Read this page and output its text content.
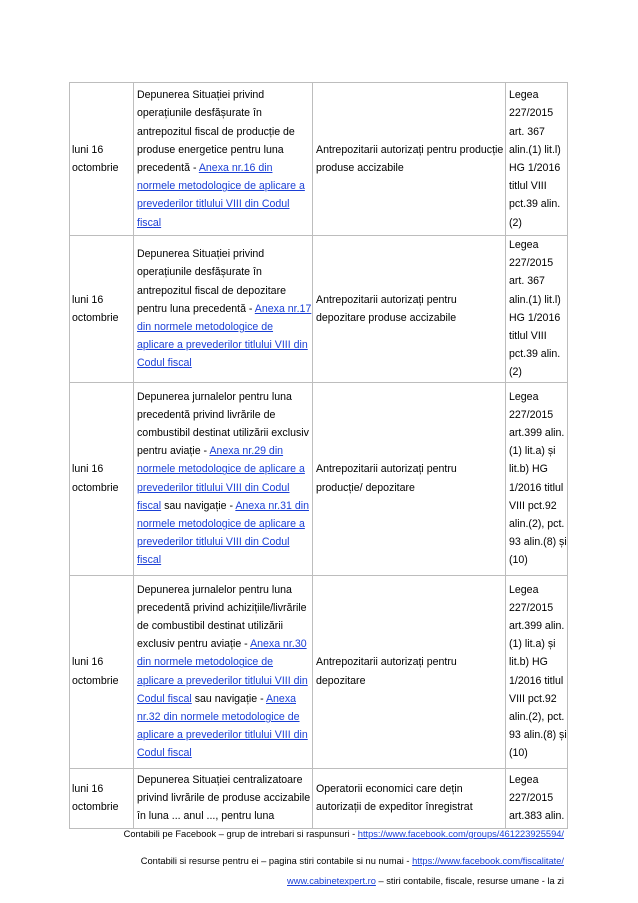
luni 16 octombrie	Depunerea Situației privind operațiunile desfășurate în antrepozitul fiscal de producție de produse energetice pentru luna precedentă - Anexa nr.16 din normele metodologice de aplicare a prevederilor titlului VIII din Codul fiscal	Antrepozitarii autorizați pentru producție produse accizabile	Legea 227/2015 art. 367 alin.(1) lit.l) HG 1/2016 titlul VIII pct.39 alin.(2)
luni 16 octombrie	Depunerea Situației privind operațiunile desfășurate în antrepozitul fiscal de depozitare pentru luna precedentă - Anexa nr.17 din normele metodologice de aplicare a prevederilor titlului VIII din Codul fiscal	Antrepozitarii autorizați pentru depozitare produse accizabile	Legea 227/2015 art. 367 alin.(1) lit.l) HG 1/2016 titlul VIII pct.39 alin.(2)
luni 16 octombrie	Depunerea jurnalelor pentru luna precedentă privind livrările de combustibil destinat utilizării exclusiv pentru aviație - Anexa nr.29 din normele metodologice de aplicare a prevederilor titlului VIII din Codul fiscal sau navigație - Anexa nr.31 din normele metodologice de aplicare a prevederilor titlului VIII din Codul fiscal	Antrepozitarii autorizați pentru producție/ depozitare	Legea 227/2015 art.399 alin. (1) lit.a) și lit.b) HG 1/2016 titlul VIII pct.92 alin.(2), pct. 93 alin.(8) și (10)
luni 16 octombrie	Depunerea jurnalelor pentru luna precedentă privind achizițiile/livrările de combustibil destinat utilizării exclusiv pentru aviație - Anexa nr.30 din normele metodologice de aplicare a prevederilor titlului VIII din Codul fiscal sau navigație - Anexa nr.32 din normele metodologice de aplicare a prevederilor titlului VIII din Codul fiscal	Antrepozitarii autorizați pentru depozitare	Legea 227/2015 art.399 alin. (1) lit.a) și lit.b) HG 1/2016 titlul VIII pct.92 alin.(2), pct. 93 alin.(8) și (10)
luni 16 octombrie	Depunerea Situației centralizatoare privind livrările de produse accizabile în luna ... anul ..., pentru luna	Operatorii economici care dețin autorizații de expeditor înregistrat	Legea 227/2015 art.383 alin.
Contabili pe Facebook – grup de intrebari si raspunsuri - https://www.facebook.com/groups/461223925594/
Contabili si resurse pentru ei – pagina stiri contabile si nu numai - https://www.facebook.com/fiscalitate/
www.cabinetexpert.ro – stiri contabile, fiscale, resurse umane - la zi
